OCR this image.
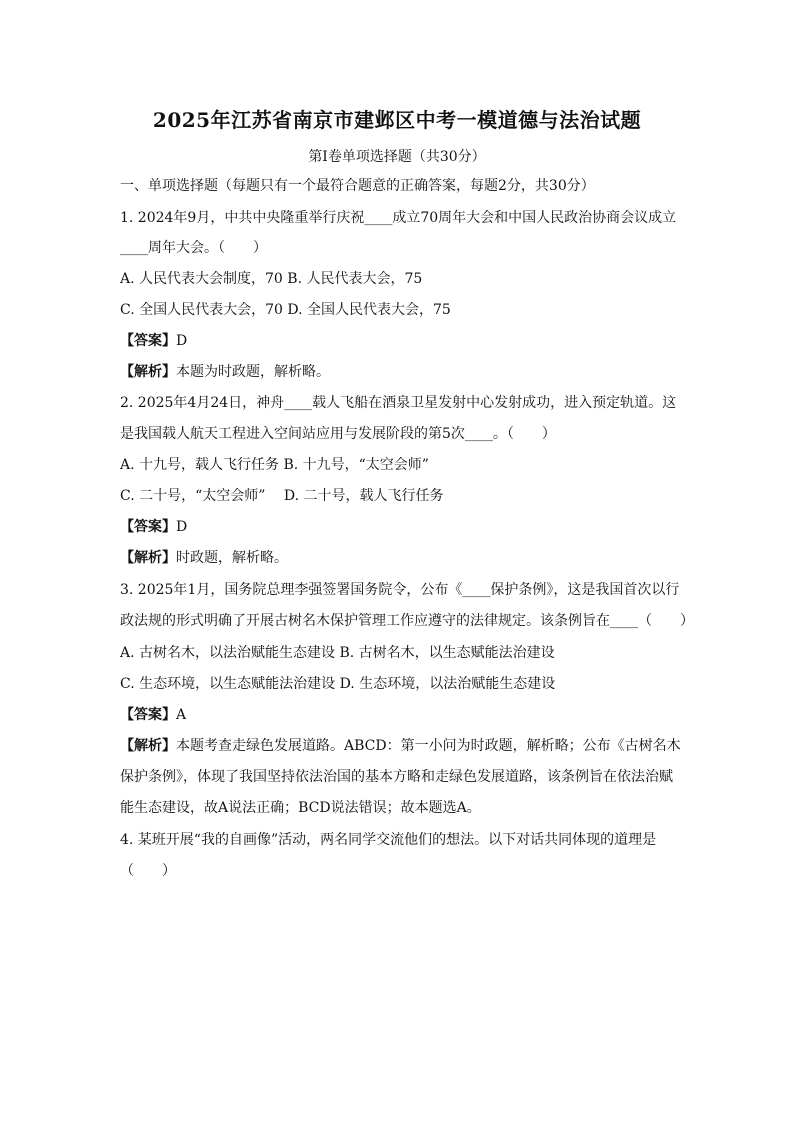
2025年江苏省南京市建邺区中考一模道德与法治试题
第I卷单项选择题（共30分）
一、单项选择题（每题只有一个最符合题意的正确答案，每题2分，共30分）
1. 2024年9月，中共中央隆重举行庆祝____成立70周年大会和中国人民政治协商会议成立
____周年大会。（　　）
A. 人民代表大会制度，70 B. 人民代表大会，75
C. 全国人民代表大会，70 D. 全国人民代表大会，75
【答案】D
【解析】本题为时政题，解析略。
2. 2025年4月24日，神舟____载人飞船在酒泉卫星发射中心发射成功，进入预定轨道。这
是我国载人航天工程进入空间站应用与发展阶段的第5次____。（　　）
A. 十九号，载人飞行任务 B. 十九号，“太空会师”
C. 二十号，“太空会师”　 D. 二十号，载人飞行任务
【答案】D
【解析】时政题，解析略。
3. 2025年1月，国务院总理李强签署国务院令，公布《____保护条例》，这是我国首次以行
政法规的形式明确了开展古树名木保护管理工作应遵守的法律规定。该条例旨在____（　　）
A. 古树名木，以法治赋能生态建设 B. 古树名木，以生态赋能法治建设
C. 生态环境，以生态赋能法治建设 D. 生态环境，以法治赋能生态建设
【答案】A
【解析】本题考查走绿色发展道路。ABCD：第一小问为时政题，解析略；公布《古树名木
保护条例》，体现了我国坚持依法治国的基本方略和走绿色发展道路，该条例旨在依法治赋
能生态建设，故A说法正确；BCD说法错误；故本题选A。
4. 某班开展“我的自画像”活动，两名同学交流他们的想法。以下对话共同体现的道理是
（　　）
